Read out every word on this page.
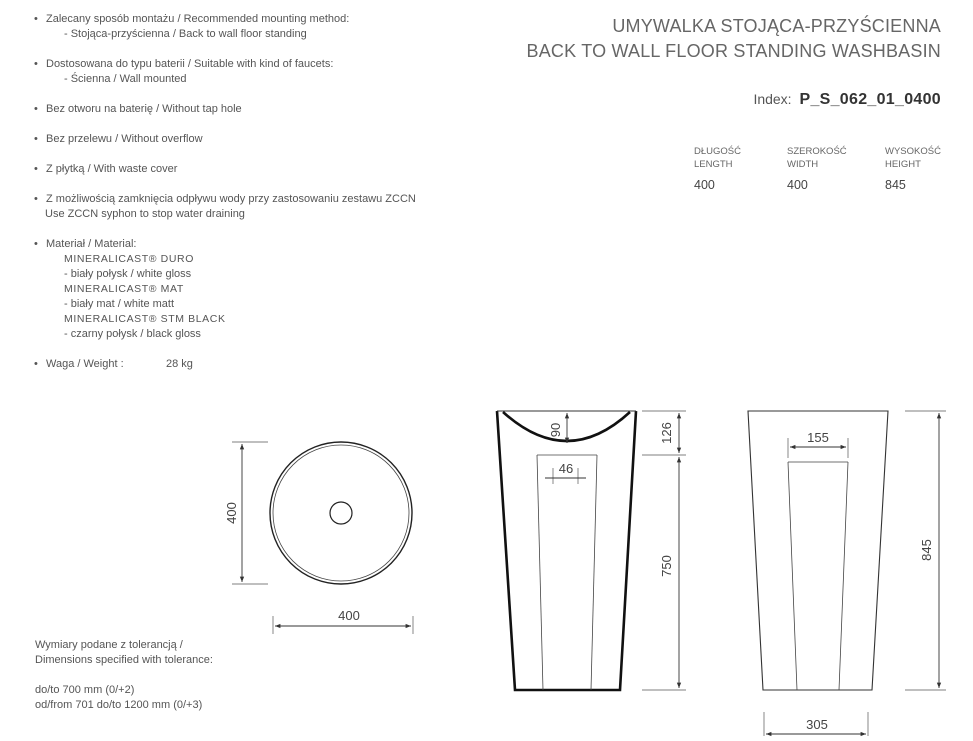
• Zalecany sposób montażu / Recommended mounting method:
- Stojąca-przyścienna / Back to wall floor standing
• Dostosowana do typu baterii / Suitable with kind of faucets:
- Ścienna / Wall mounted
• Bez otworu na baterię / Without tap hole
• Bez przelewu / Without overflow
• Z płytką / With waste cover
• Z możliwością zamknięcia odpływu wody przy zastosowaniu zestawu ZCCN
Use ZCCN syphon to stop water draining
• Materiał / Material:
MINERALICAST® DURO
- biały połysk / white gloss
MINERALICAST® MAT
- biały mat / white matt
MINERALICAST® STM BLACK
- czarny połysk / black gloss
• Waga / Weight :	28 kg
UMYWALKA STOJĄCA-PRZYŚCIENNA
BACK TO WALL FLOOR STANDING WASHBASIN
Index: P_S_062_01_0400
DŁUGOŚĆ
LENGTH
400
SZEROKOŚĆ
WIDTH
400
WYSOKOŚĆ
HEIGHT
845
Wymiary podane z tolerancją /
Dimensions specified with tolerance:
do/to 700 mm (0/+2)
od/from 701 do/to 1200 mm (0/+3)
400
400
90
46
126
750
155
845
305
